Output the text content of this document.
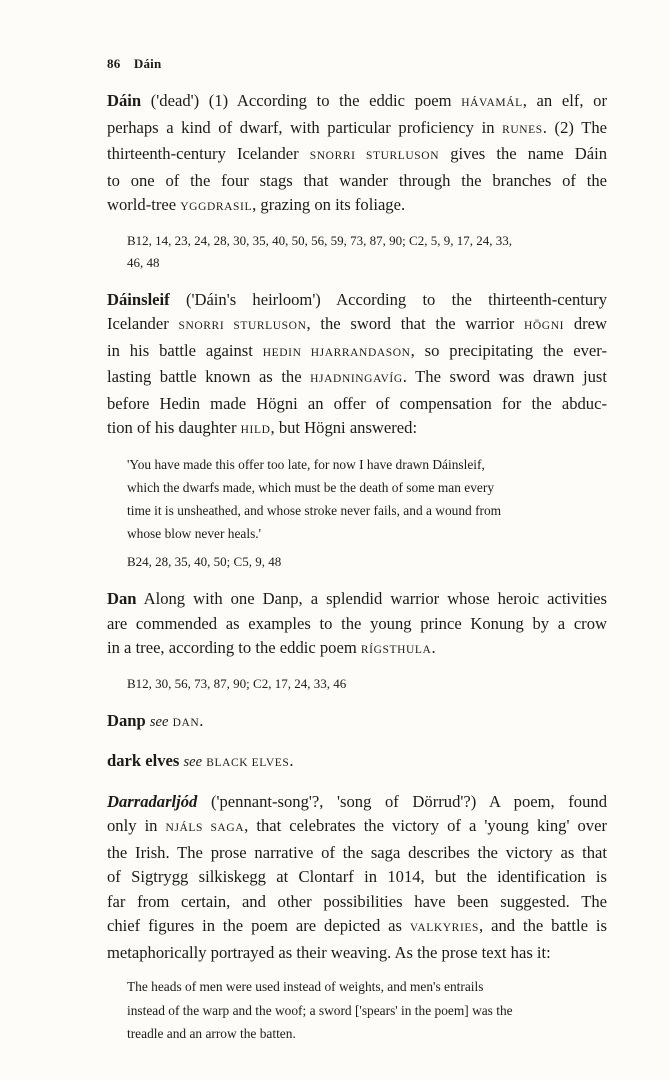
86 Dáin
Dáin ('dead') (1) According to the eddic poem HÁVAMÁL, an elf, or
perhaps a kind of dwarf, with particular proficiency in RUNES. (2) The
thirteenth-century Icelander SNORRI STURLUSON gives the name Dáin
to one of the four stags that wander through the branches of the
world-tree YGGDRASIL, grazing on its foliage.
B12, 14, 23, 24, 28, 30, 35, 40, 50, 56, 59, 73, 87, 90; C2, 5, 9, 17, 24, 33,
46, 48
Dáinsleif ('Dáin's heirloom') According to the thirteenth-century
Icelander SNORRI STURLUSON, the sword that the warrior HÖGNI drew
in his battle against HEDIN HJARRANDASON, so precipitating the ever-
lasting battle known as the HJADNINGAVÍG. The sword was drawn just
before Hedin made Högni an offer of compensation for the abduc-
tion of his daughter HILD, but Högni answered:
'You have made this offer too late, for now I have drawn Dáinsleif,
which the dwarfs made, which must be the death of some man every
time it is unsheathed, and whose stroke never fails, and a wound from
whose blow never heals.'
B24, 28, 35, 40, 50; C5, 9, 48
Dan Along with one Danp, a splendid warrior whose heroic activities
are commended as examples to the young prince Konung by a crow
in a tree, according to the eddic poem RÍGSTHULA.
B12, 30, 56, 73, 87, 90; C2, 17, 24, 33, 46
Danp see DAN.
dark elves see BLACK ELVES.
Darradarljód ('pennant-song'?, 'song of Dörrud'?) A poem, found
only in NJÁLS SAGA, that celebrates the victory of a 'young king' over
the Irish. The prose narrative of the saga describes the victory as that
of Sigtrygg silkiskegg at Clontarf in 1014, but the identification is
far from certain, and other possibilities have been suggested. The
chief figures in the poem are depicted as VALKYRIES, and the battle is
metaphorically portrayed as their weaving. As the prose text has it:
The heads of men were used instead of weights, and men's entrails
instead of the warp and the woof; a sword ['spears' in the poem] was the
treadle and an arrow the batten.
